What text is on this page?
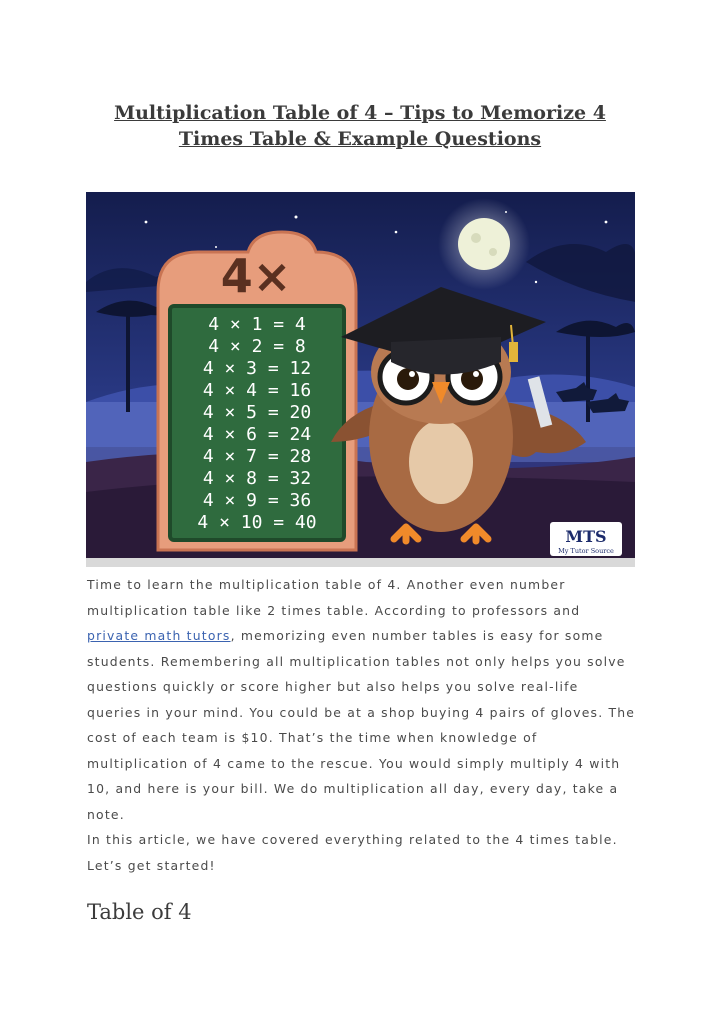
Multiplication Table of 4 – Tips to Memorize 4 Times Table & Example Questions
4×
4 × 1 = 4
4 × 2 = 8
4 × 3 = 12
4 × 4 = 16
4 × 5 = 20
4 × 6 = 24
4 × 7 = 28
4 × 8 = 32
4 × 9 = 36
4 × 10 = 40
MTS
My Tutor Source

Time to learn the multiplication table of 4. Another even number multiplication table like 2 times table. According to professors and private math tutors, memorizing even number tables is easy for some students. Remembering all multiplication tables not only helps you solve questions quickly or score higher but also helps you solve real-life queries in your mind. You could be at a shop buying 4 pairs of gloves. The cost of each team is $10. That’s the time when knowledge of multiplication of 4 came to the rescue. You would simply multiply 4 with 10, and here is your bill. We do multiplication all day, every day, take a note.

In this article, we have covered everything related to the 4 times table. Let’s get started!

Table of 4
